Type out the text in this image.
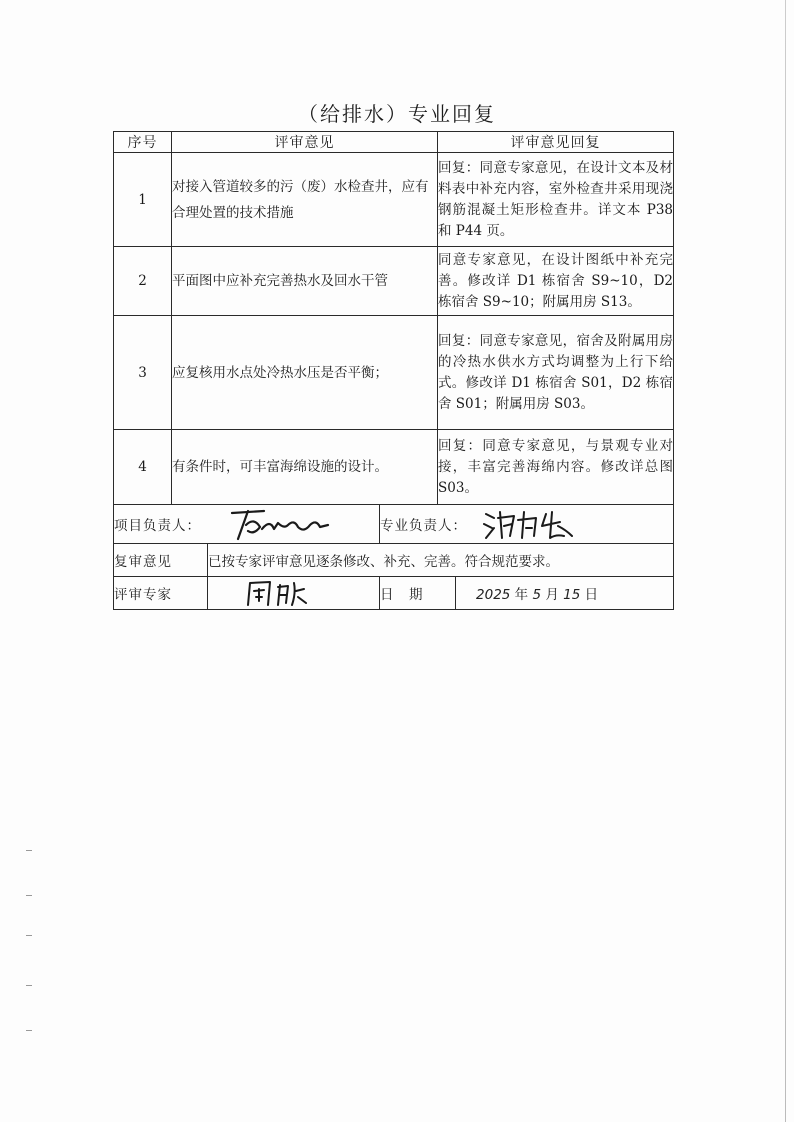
（给排水）专业回复
序号	评审意见			评审意见回复	
1	对接入管道较多的污（废）水检查井，应有合理处置的技术措施			回复：同意专家意见，在设计文本及材料表中补充内容，室外检查井采用现浇钢筋混凝土矩形检查井。详文本 P38 和 P44 页。	
2	平面图中应补充完善热水及回水干管			同意专家意见，在设计图纸中补充完善。修改详 D1 栋宿舍 S9~10，D2 栋宿舍 S9~10；附属用房 S13。	
3	应复核用水点处冷热水压是否平衡；			回复：同意专家意见，宿舍及附属用房的冷热水供水方式均调整为上行下给式。修改详 D1 栋宿舍 S01，D2 栋宿舍 S01；附属用房 S03。	
4	有条件时，可丰富海绵设施的设计。			回复：同意专家意见，与景观专业对接，丰富完善海绵内容。修改详总图 S03。	
项目负责人：			专业负责人：		

复审意见		已按专家评审意见逐条修改、补充、完善。符合规范要求。			
评审专家			日　期		2025 年 5 月 15 日
